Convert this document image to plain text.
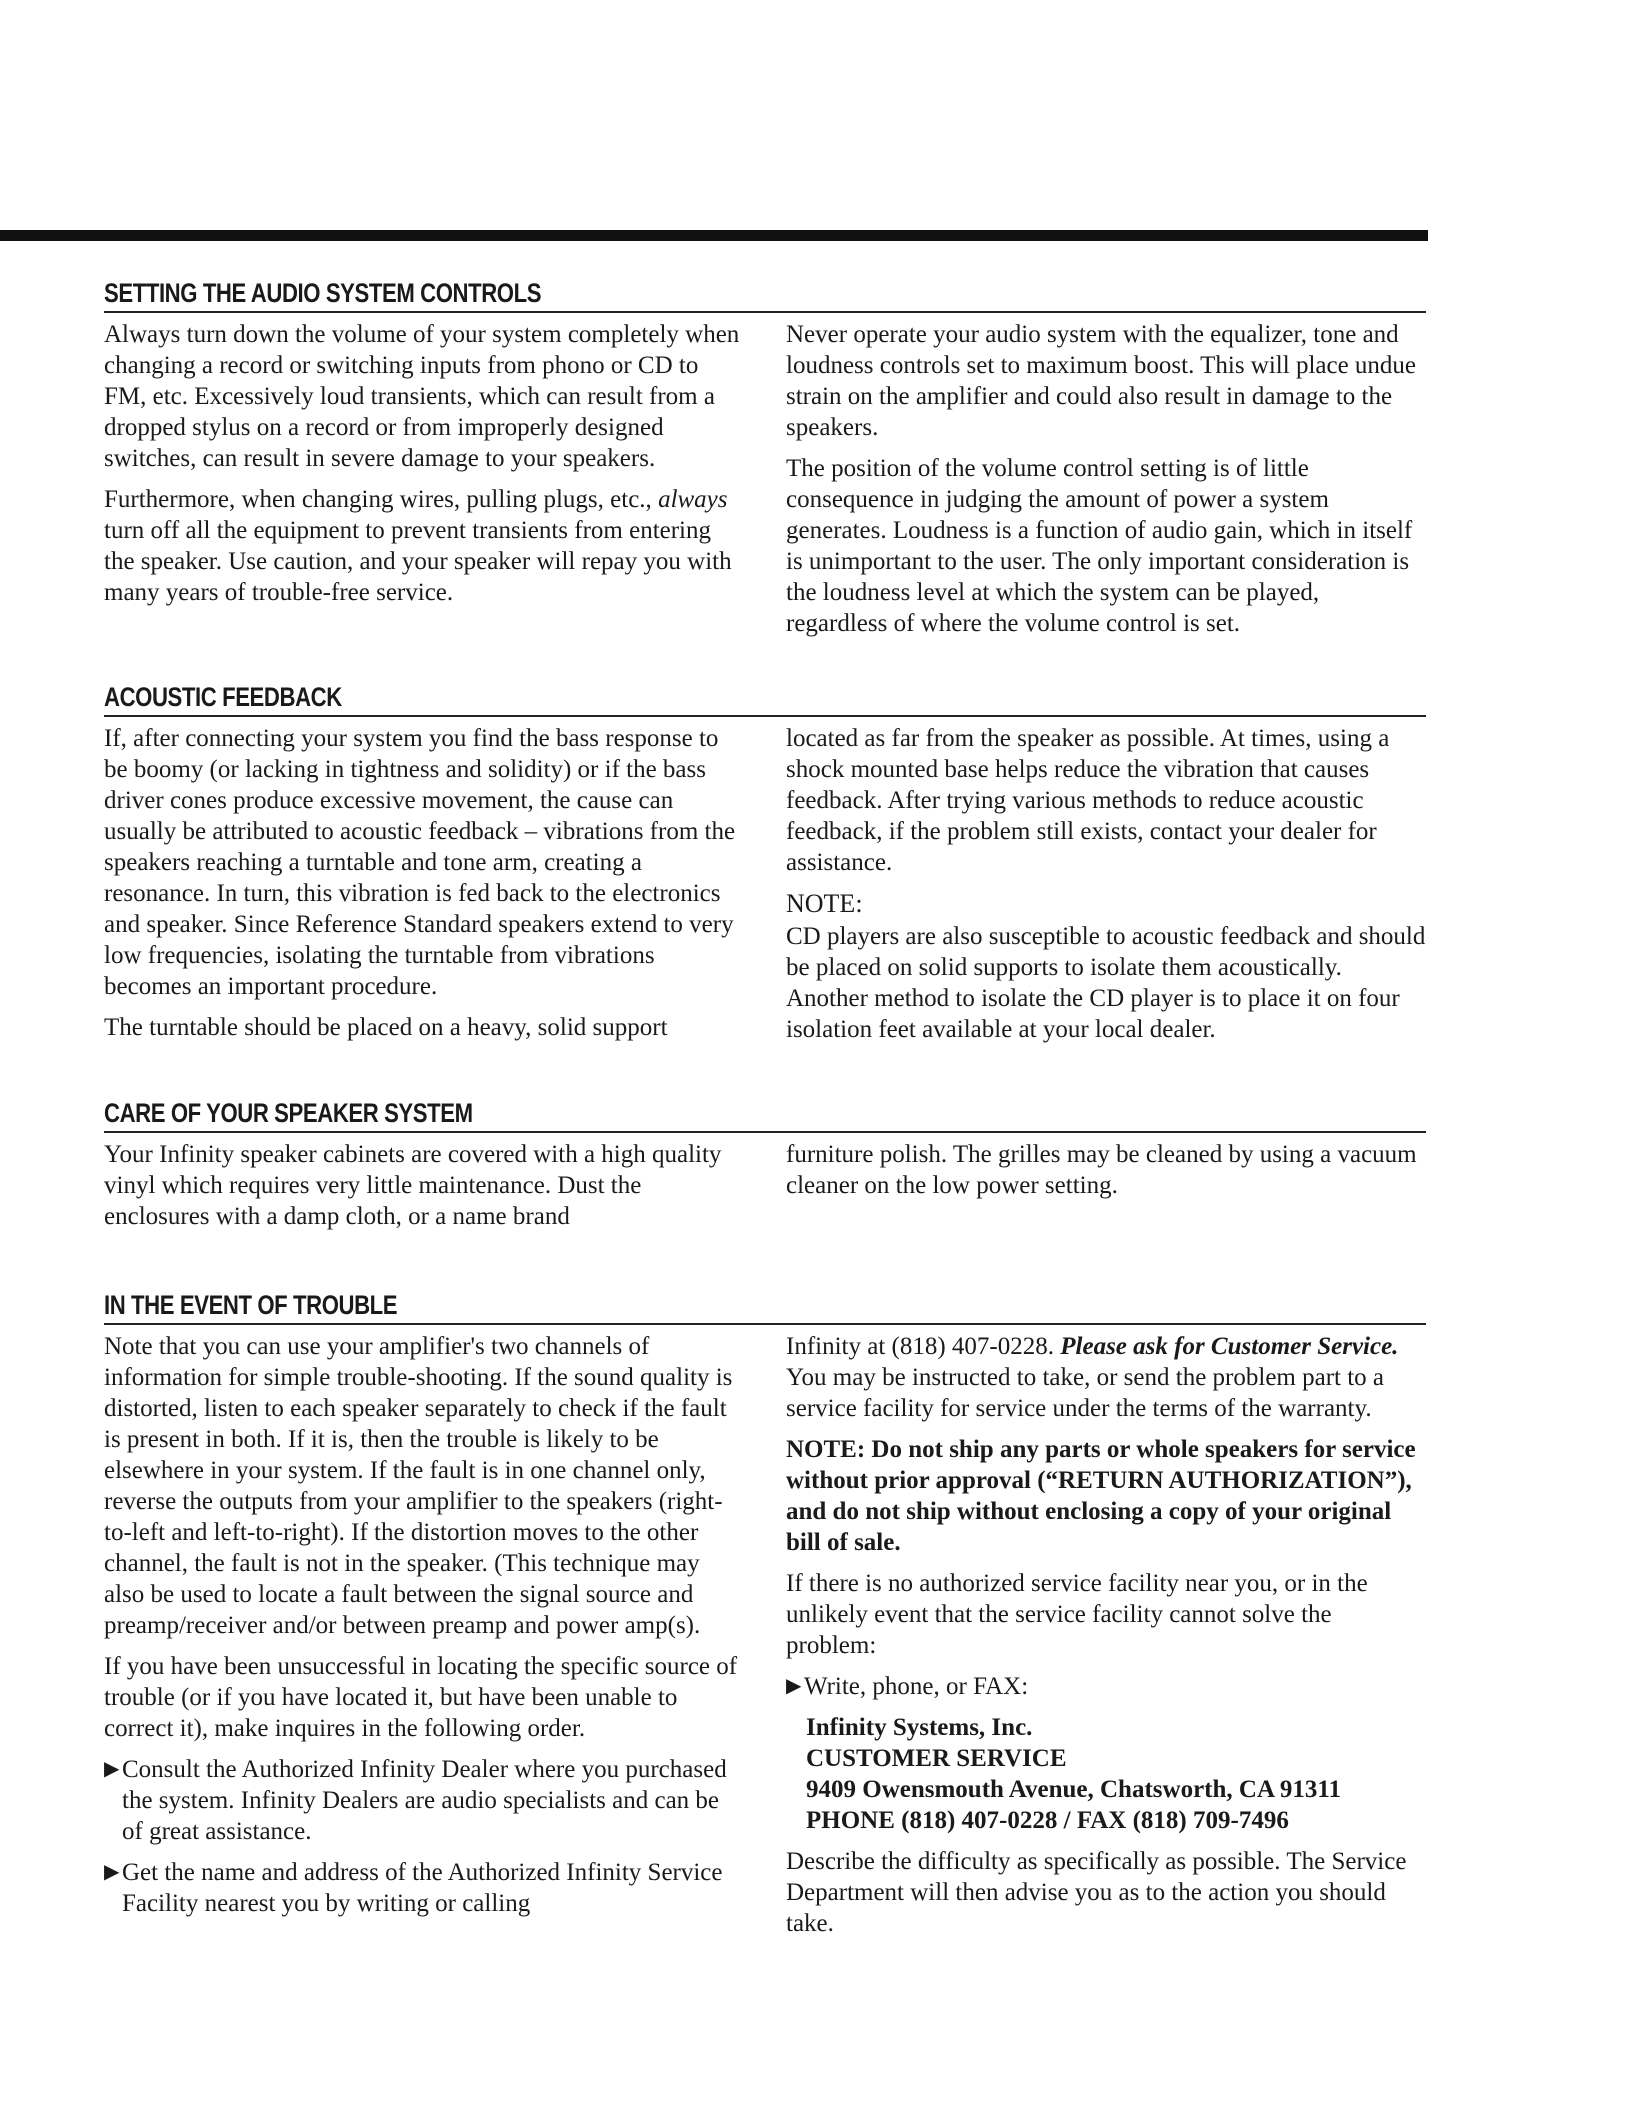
SETTING THE AUDIO SYSTEM CONTROLS

Always turn down the volume of your system completely when changing a record or switching inputs from phono or CD to FM, etc. Excessively loud transients, which can result from a dropped stylus on a record or from improperly designed switches, can result in severe damage to your speakers.

Furthermore, when changing wires, pulling plugs, etc., always turn off all the equipment to prevent transients from entering the speaker. Use caution, and your speaker will repay you with many years of trouble-free service.

Never operate your audio system with the equalizer, tone and loudness controls set to maximum boost. This will place undue strain on the amplifier and could also result in damage to the speakers.

The position of the volume control setting is of little consequence in judging the amount of power a system generates. Loudness is a function of audio gain, which in itself is unimportant to the user. The only important consideration is the loudness level at which the system can be played, regardless of where the volume control is set.

ACOUSTIC FEEDBACK

If, after connecting your system you find the bass response to be boomy (or lacking in tightness and solidity) or if the bass driver cones produce excessive movement, the cause can usually be attributed to acoustic feedback – vibrations from the speakers reaching a turntable and tone arm, creating a resonance. In turn, this vibration is fed back to the electronics and speaker. Since Reference Standard speakers extend to very low frequencies, isolating the turntable from vibrations becomes an important procedure.

The turntable should be placed on a heavy, solid support

located as far from the speaker as possible. At times, using a shock mounted base helps reduce the vibration that causes feedback. After trying various methods to reduce acoustic feedback, if the problem still exists, contact your dealer for assistance.

NOTE:

CD players are also susceptible to acoustic feedback and should be placed on solid supports to isolate them acoustically. Another method to isolate the CD player is to place it on four isolation feet available at your local dealer.

CARE OF YOUR SPEAKER SYSTEM

Your Infinity speaker cabinets are covered with a high quality vinyl which requires very little maintenance. Dust the enclosures with a damp cloth, or a name brand

furniture polish. The grilles may be cleaned by using a vacuum cleaner on the low power setting.

IN THE EVENT OF TROUBLE

Note that you can use your amplifier's two channels of information for simple trouble-shooting. If the sound quality is distorted, listen to each speaker separately to check if the fault is present in both. If it is, then the trouble is likely to be elsewhere in your system. If the fault is in one channel only, reverse the outputs from your amplifier to the speakers (right-to-left and left-to-right). If the distortion moves to the other channel, the fault is not in the speaker. (This technique may also be used to locate a fault between the signal source and preamp/receiver and/or between preamp and power amp(s).

If you have been unsuccessful in locating the specific source of trouble (or if you have located it, but have been unable to correct it), make inquires in the following order.

▶ Consult the Authorized Infinity Dealer where you purchased the system. Infinity Dealers are audio specialists and can be of great assistance.
▶ Get the name and address of the Authorized Infinity Service Facility nearest you by writing or calling

Infinity at (818) 407-0228. Please ask for Customer Service. You may be instructed to take, or send the problem part to a service facility for service under the terms of the warranty.

NOTE: Do not ship any parts or whole speakers for service without prior approval (“RETURN AUTHORIZATION”), and do not ship without enclosing a copy of your original bill of sale.

If there is no authorized service facility near you, or in the unlikely event that the service facility cannot solve the problem:

▶ Write, phone, or FAX:
Infinity Systems, Inc.
CUSTOMER SERVICE
9409 Owensmouth Avenue, Chatsworth, CA 91311
PHONE (818) 407-0228 / FAX (818) 709-7496

Describe the difficulty as specifically as possible. The Service Department will then advise you as to the action you should take.
